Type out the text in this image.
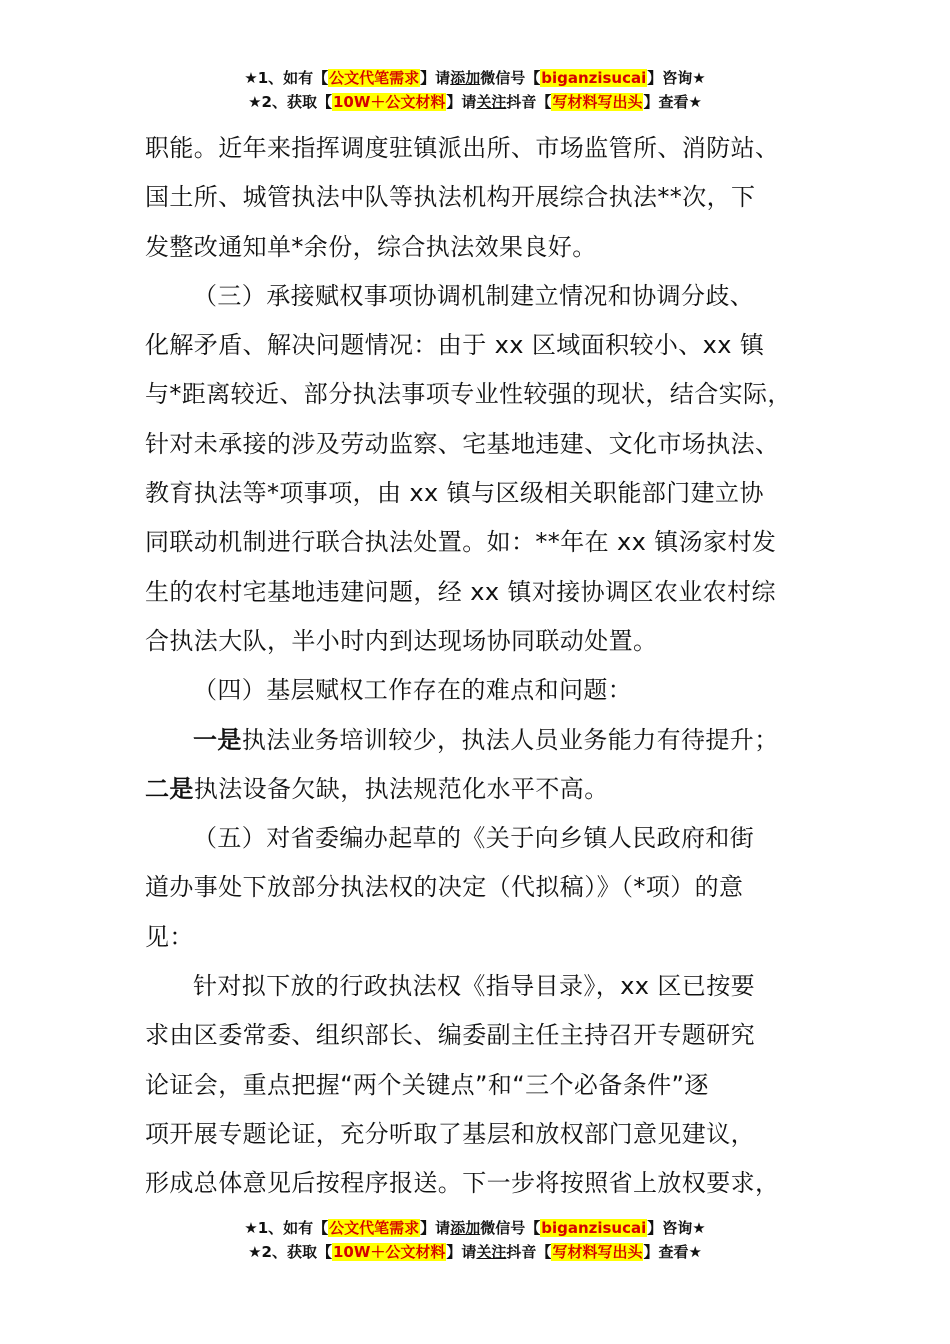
★1、如有【公文代笔需求】请添加微信号【biganzisucai】咨询★
★2、获取【10W＋公文材料】请关注抖音【写材料写出头】查看★
职能。近年来指挥调度驻镇派出所、市场监管所、消防站、
国土所、城管执法中队等执法机构开展综合执法**次，下
发整改通知单*余份，综合执法效果良好。
（三）承接赋权事项协调机制建立情况和协调分歧、
化解矛盾、解决问题情况：由于 xx 区域面积较小、xx 镇
与*距离较近、部分执法事项专业性较强的现状，结合实际，
针对未承接的涉及劳动监察、宅基地违建、文化市场执法、
教育执法等*项事项，由 xx 镇与区级相关职能部门建立协
同联动机制进行联合执法处置。如：**年在 xx 镇汤家村发
生的农村宅基地违建问题，经 xx 镇对接协调区农业农村综
合执法大队，半小时内到达现场协同联动处置。
（四）基层赋权工作存在的难点和问题：
一是执法业务培训较少，执法人员业务能力有待提升；
二是执法设备欠缺，执法规范化水平不高。
（五）对省委编办起草的《关于向乡镇人民政府和街
道办事处下放部分执法权的决定（代拟稿）》（*项）的意
见：
针对拟下放的行政执法权《指导目录》，xx 区已按要
求由区委常委、组织部长、编委副主任主持召开专题研究
论证会，重点把握“两个关键点”和“三个必备条件”逐
项开展专题论证，充分听取了基层和放权部门意见建议，
形成总体意见后按程序报送。下一步将按照省上放权要求，
★1、如有【公文代笔需求】请添加微信号【biganzisucai】咨询★
★2、获取【10W＋公文材料】请关注抖音【写材料写出头】查看★
